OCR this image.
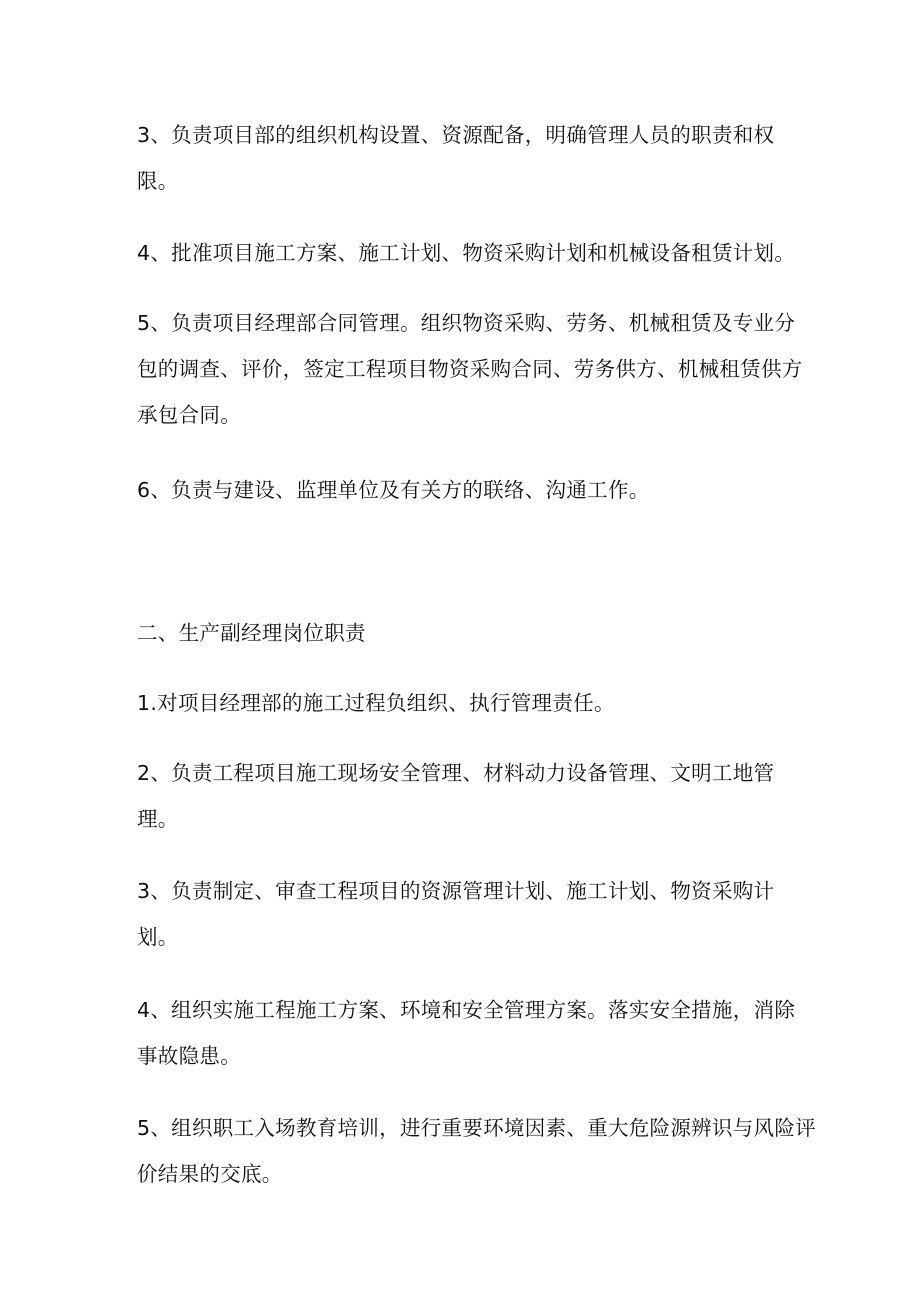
3、负责项目部的组织机构设置、资源配备，明确管理人员的职责和权
限。

4、批准项目施工方案、施工计划、物资采购计划和机械设备租赁计划。

5、负责项目经理部合同管理。组织物资采购、劳务、机械租赁及专业分
包的调查、评价，签定工程项目物资采购合同、劳务供方、机械租赁供方
承包合同。

6、负责与建设、监理单位及有关方的联络、沟通工作。

二、生产副经理岗位职责

1.对项目经理部的施工过程负组织、执行管理责任。

2、负责工程项目施工现场安全管理、材料动力设备管理、文明工地管
理。

3、负责制定、审查工程项目的资源管理计划、施工计划、物资采购计
划。

4、组织实施工程施工方案、环境和安全管理方案。落实安全措施，消除
事故隐患。

5、组织职工入场教育培训，进行重要环境因素、重大危险源辨识与风险评
价结果的交底。
